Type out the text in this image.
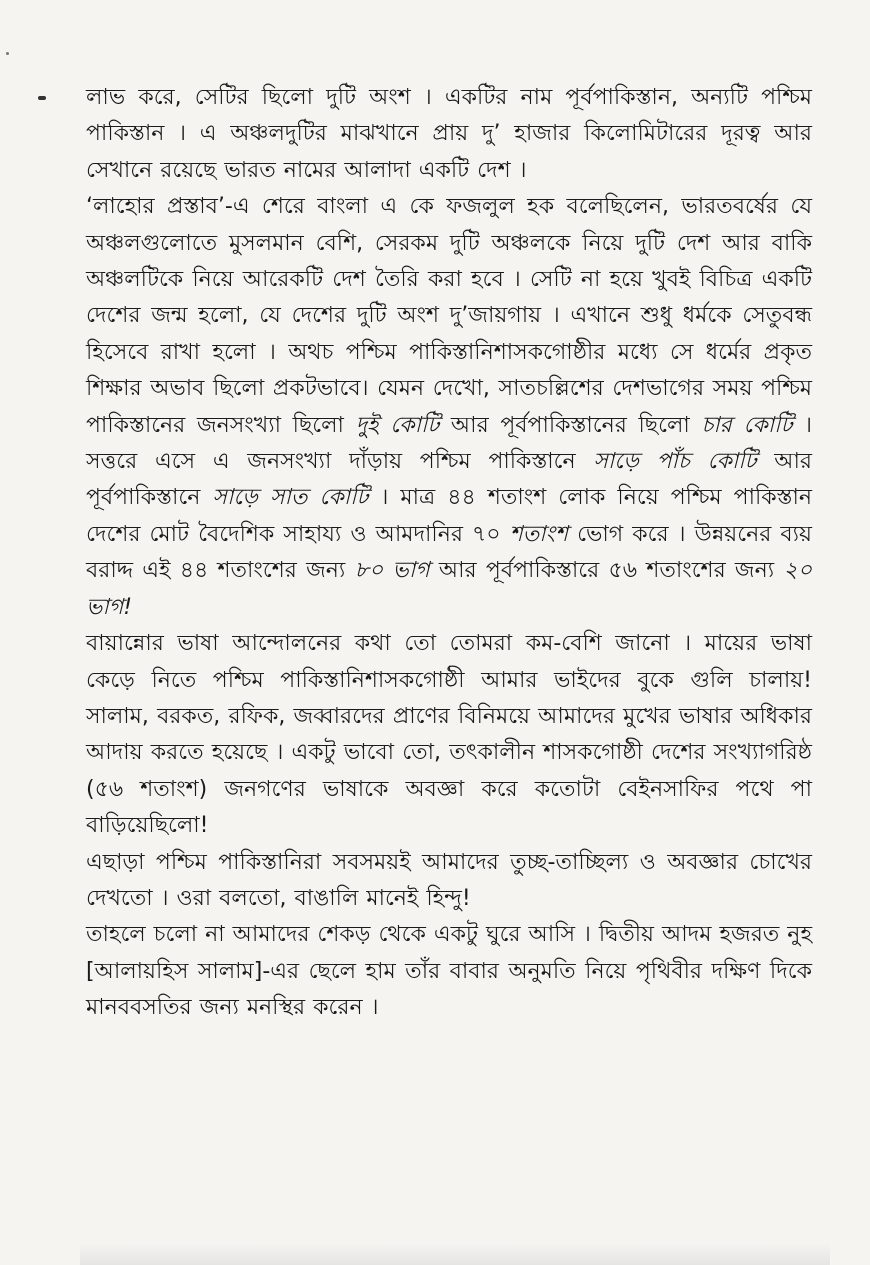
লাভ করে, সেটির ছিলো দুটি অংশ । একটির নাম পূর্বপাকিস্তান, অন্যটি পশ্চিম পাকিস্তান । এ অঞ্চলদুটির মাঝখানে প্রায় দু’ হাজার কিলোমিটারের দূরত্ব আর সেখানে রয়েছে ভারত নামের আলাদা একটি দেশ ।

‘লাহোর প্রস্তাব’-এ শেরে বাংলা এ কে ফজলুল হক বলেছিলেন, ভারতবর্ষের যে অঞ্চলগুলোতে মুসলমান বেশি, সেরকম দুটি অঞ্চলকে নিয়ে দুটি দেশ আর বাকি অঞ্চলটিকে নিয়ে আরেকটি দেশ তৈরি করা হবে । সেটি না হয়ে খুবই বিচিত্র একটি দেশের জন্ম হলো, যে দেশের দুটি অংশ দু’জায়গায় । এখানে শুধু ধর্মকে সেতুবন্ধ হিসেবে রাখা হলো । অথচ পশ্চিম পাকিস্তানিশাসকগোষ্ঠীর মধ্যে সে ধর্মের প্রকৃত শিক্ষার অভাব ছিলো প্রকটভাবে। যেমন দেখো, সাতচল্লিশের দেশভাগের সময় পশ্চিম পাকিস্তানের জনসংখ্যা ছিলো দুই কোটি আর পূর্বপাকিস্তানের ছিলো চার কোটি । সত্তরে এসে এ জনসংখ্যা দাঁড়ায় পশ্চিম পাকিস্তানে সাড়ে পাঁচ কোটি আর পূর্বপাকিস্তানে সাড়ে সাত কোটি । মাত্র ৪৪ শতাংশ লোক নিয়ে পশ্চিম পাকিস্তান দেশের মোট বৈদেশিক সাহায্য ও আমদানির ৭০ শতাংশ ভোগ করে । উন্নয়নের ব্যয় বরাদ্দ এই ৪৪ শতাংশের জন্য ৮০ ভাগ আর পূর্বপাকিস্তারে ৫৬ শতাংশের জন্য ২০ ভাগ!

বায়ান্নোর ভাষা আন্দোলনের কথা তো তোমরা কম-বেশি জানো । মায়ের ভাষা কেড়ে নিতে পশ্চিম পাকিস্তানিশাসকগোষ্ঠী আমার ভাইদের বুকে গুলি চালায়! সালাম, বরকত, রফিক, জব্বারদের প্রাণের বিনিময়ে আমাদের মুখের ভাষার অধিকার আদায় করতে হয়েছে । একটু ভাবো তো, তৎকালীন শাসকগোষ্ঠী দেশের সংখ্যাগরিষ্ঠ (৫৬ শতাংশ) জনগণের ভাষাকে অবজ্ঞা করে কতোটা বেইনসাফির পথে পা বাড়িয়েছিলো!

এছাড়া পশ্চিম পাকিস্তানিরা সবসময়ই আমাদের তুচ্ছ-তাচ্ছিল্য ও অবজ্ঞার চোখের দেখতো । ওরা বলতো, বাঙালি মানেই হিন্দু!

তাহলে চলো না আমাদের শেকড় থেকে একটু ঘুরে আসি । দ্বিতীয় আদম হজরত নুহ [আলায়হিস সালাম]-এর ছেলে হাম তাঁর বাবার অনুমতি নিয়ে পৃথিবীর দক্ষিণ দিকে মানববসতির জন্য মনস্থির করেন ।
